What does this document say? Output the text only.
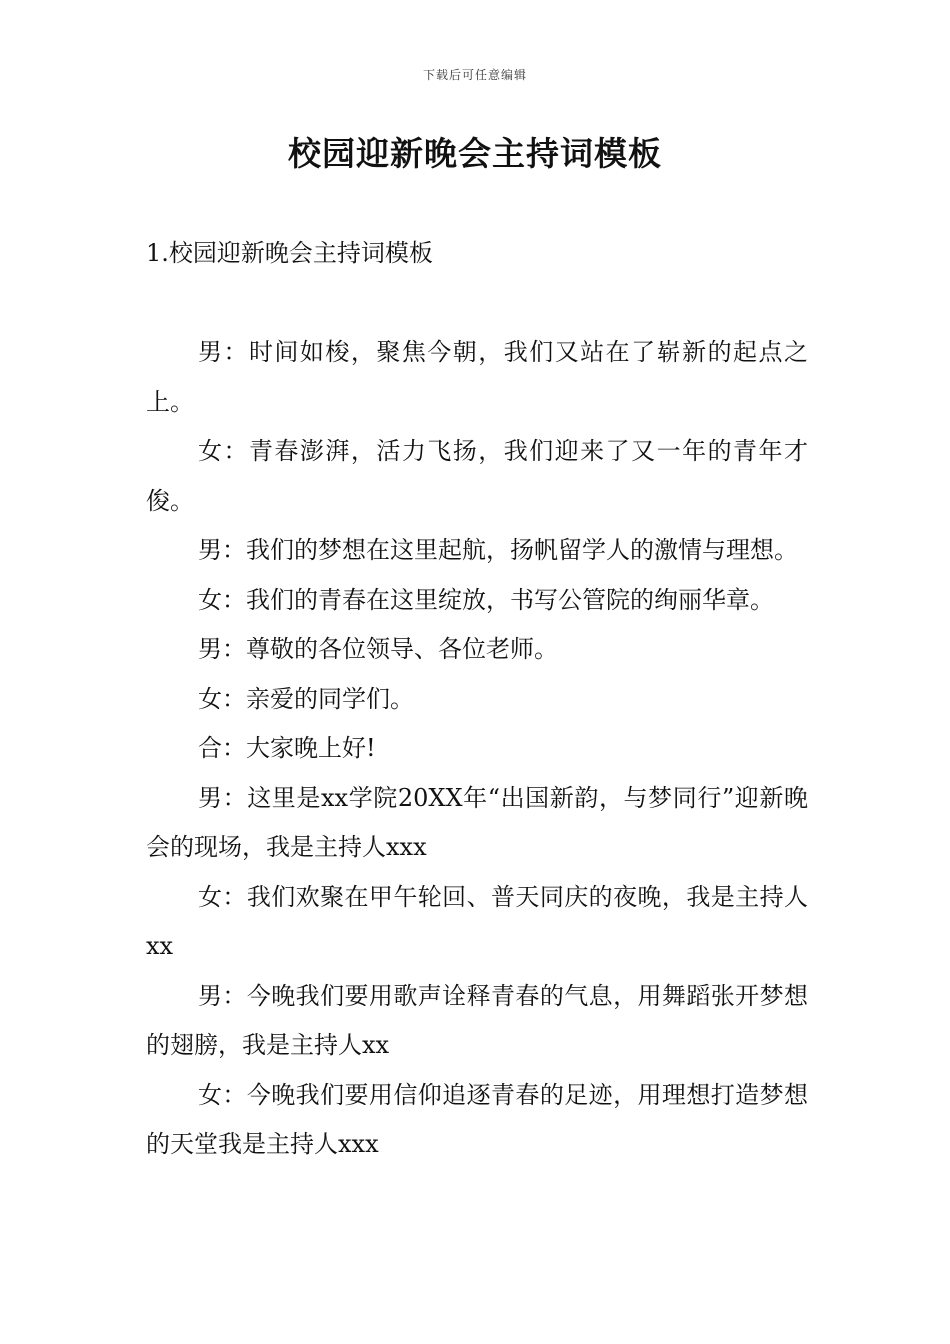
下载后可任意编辑
校园迎新晚会主持词模板
1.校园迎新晚会主持词模板

男：时间如梭，聚焦今朝，我们又站在了崭新的起点之上。

女：青春澎湃，活力飞扬，我们迎来了又一年的青年才俊。

男：我们的梦想在这里起航，扬帆留学人的激情与理想。

女：我们的青春在这里绽放，书写公管院的绚丽华章。

男：尊敬的各位领导、各位老师。

女：亲爱的同学们。

合：大家晚上好!

男：这里是xx学院20XX年“出国新韵，与梦同行”迎新晚会的现场，我是主持人xxx

女：我们欢聚在甲午轮回、普天同庆的夜晚，我是主持人xx

男：今晚我们要用歌声诠释青春的气息，用舞蹈张开梦想的翅膀，我是主持人xx

女：今晚我们要用信仰追逐青春的足迹，用理想打造梦想的天堂我是主持人xxx
